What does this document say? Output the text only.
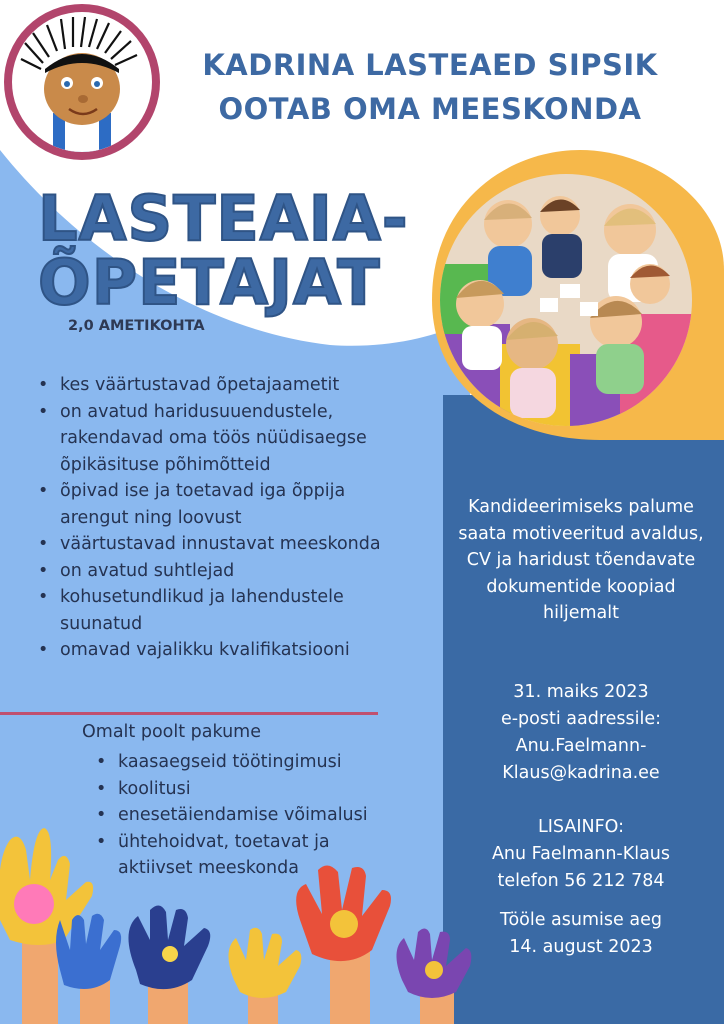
KADRINA LASTEAED SIPSIK
OOTAB OMA MEESKONDA
LASTEAIA-
ÕPETAJAT
2,0 AMETIKOHTA
• kes väärtustavad õpetajaametit
• on avatud haridusuuendustele, rakendavad oma töös nüüdisaegse õpikäsituse põhimõtteid
• õpivad ise ja toetavad iga õppija arengut ning loovust
• väärtustavad innustavat meeskonda
• on avatud suhtlejad
• kohusetundlikud ja lahendustele suunatud
• omavad vajalikku kvalifikatsiooni
Omalt poolt pakume
• kaasaegseid töötingimusi
• koolitusi
• enesetäiendamise võimalusi
• ühtehoidvat, toetavat ja aktiivset meeskonda
Kandideerimiseks palume saata motiveeritud avaldus, CV ja haridust tõendavate dokumentide koopiad hiljemalt
31. maiks 2023
e-posti aadressile:
Anu.Faelmann-
Klaus@kadrina.ee
LISAINFO:
Anu Faelmann-Klaus
telefon 56 212 784
Tööle asumise aeg
14. august 2023
